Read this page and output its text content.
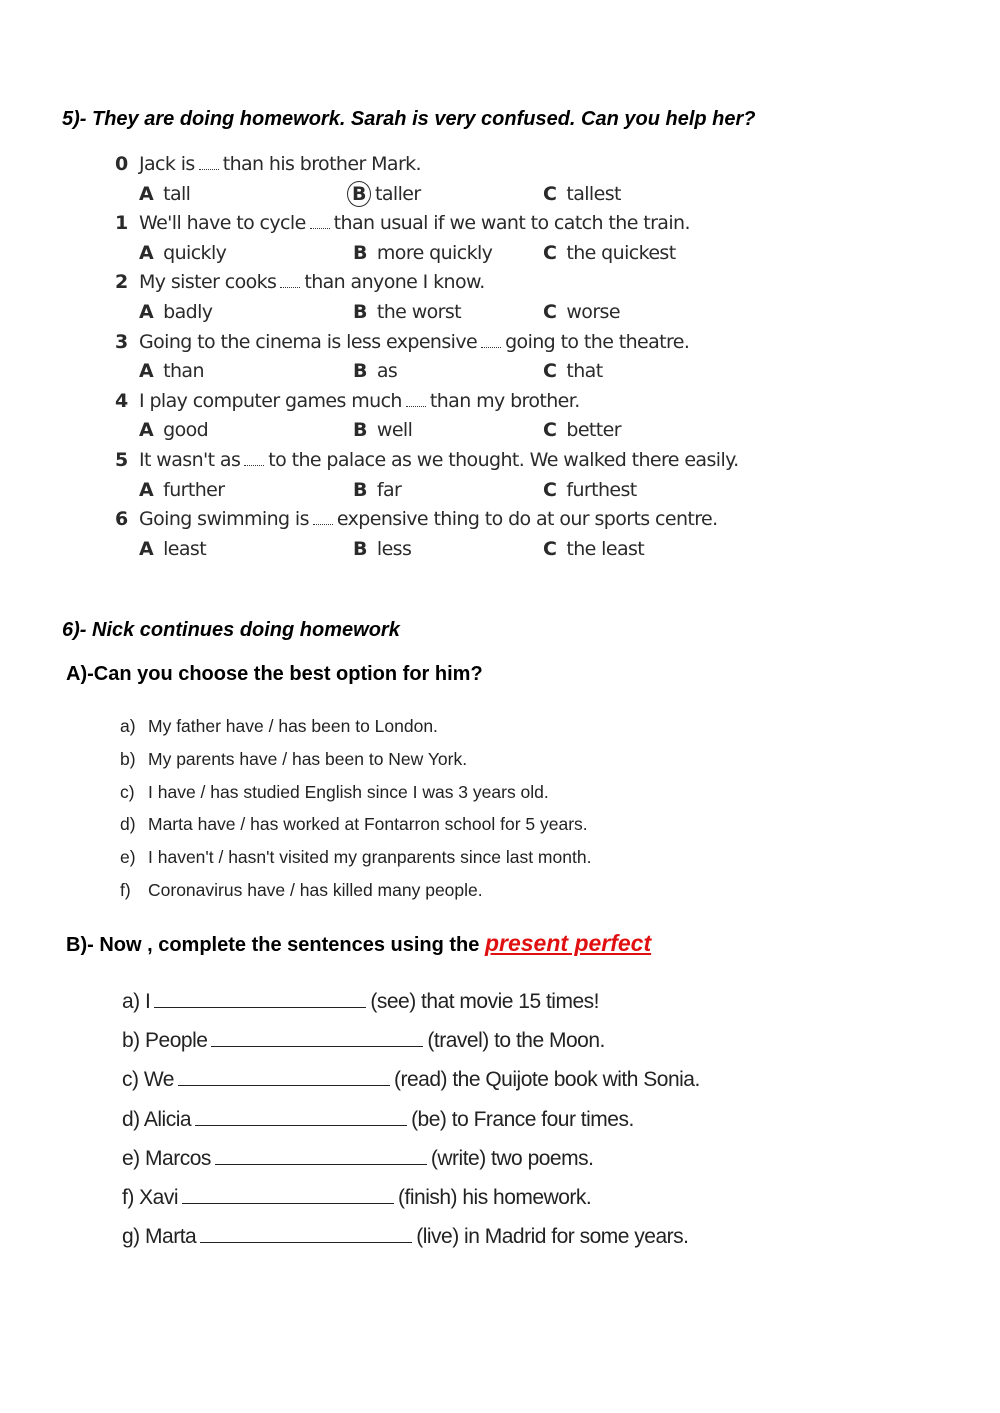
5)- They are doing homework. Sarah is very confused. Can you help her?
0 Jack is than his brother Mark.
A tall	B taller	C tallest
1 We'll have to cycle than usual if we want to catch the train.
A quickly	B more quickly	C the quickest
2 My sister cooks than anyone I know.
A badly	B the worst	C worse
3 Going to the cinema is less expensive going to the theatre.
A than	B as	C that
4 I play computer games much than my brother.
A good	B well	C better
5 It wasn't as to the palace as we thought. We walked there easily.
A further	B far	C furthest
6 Going swimming is expensive thing to do at our sports centre.
A least	B less	C the least
6)- Nick continues doing homework
A)-Can you choose the best option for him?
a) My father have / has been to London.
b) My parents have / has been to New York.
c) I have / has studied English since I was 3 years old.
d) Marta have / has worked at Fontarron school for 5 years.
e) I haven't / hasn't visited my granparents since last month.
f) Coronavirus have / has killed many people.
B)- Now , complete the sentences using the present perfect
a) I	(see) that movie 15 times!
b) People	(travel) to the Moon.
c) We	(read) the Quijote book with Sonia.
d) Alicia	(be) to France four times.
e) Marcos	(write) two poems.
f) Xavi	(finish) his homework.
g) Marta	(live) in Madrid for some years.
